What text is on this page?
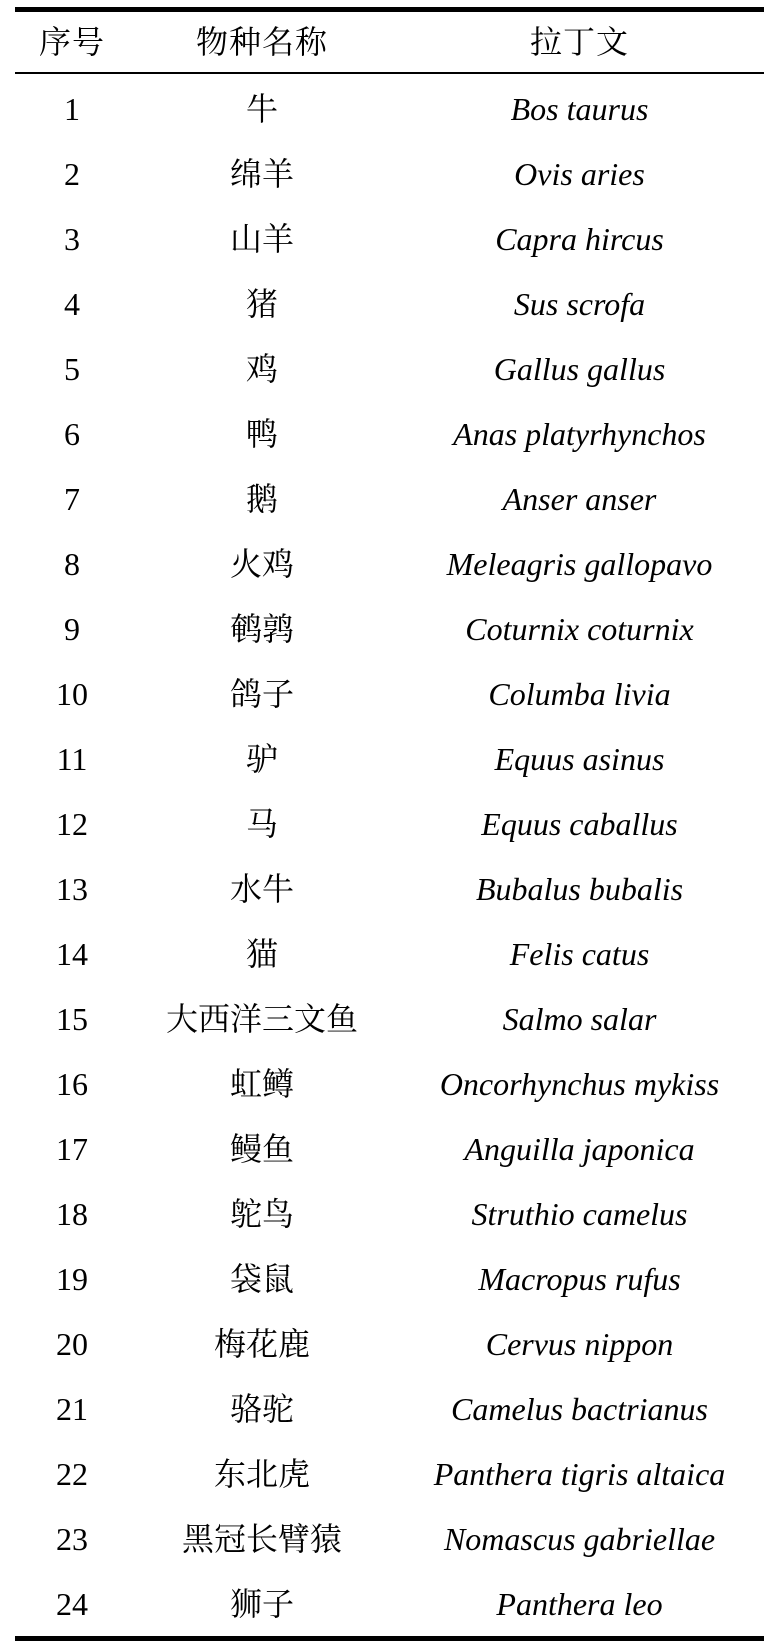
序号	物种名称	拉丁文
1	牛	Bos taurus
2	绵羊	Ovis aries
3	山羊	Capra hircus
4	猪	Sus scrofa
5	鸡	Gallus gallus
6	鸭	Anas platyrhynchos
7	鹅	Anser anser
8	火鸡	Meleagris gallopavo
9	鹌鹑	Coturnix coturnix
10	鸽子	Columba livia
11	驴	Equus asinus
12	马	Equus caballus
13	水牛	Bubalus bubalis
14	猫	Felis catus
15	大西洋三文鱼	Salmo salar
16	虹鳟	Oncorhynchus mykiss
17	鳗鱼	Anguilla japonica
18	鸵鸟	Struthio camelus
19	袋鼠	Macropus rufus
20	梅花鹿	Cervus nippon
21	骆驼	Camelus bactrianus
22	东北虎	Panthera tigris altaica
23	黑冠长臂猿	Nomascus gabriellae
24	狮子	Panthera leo
